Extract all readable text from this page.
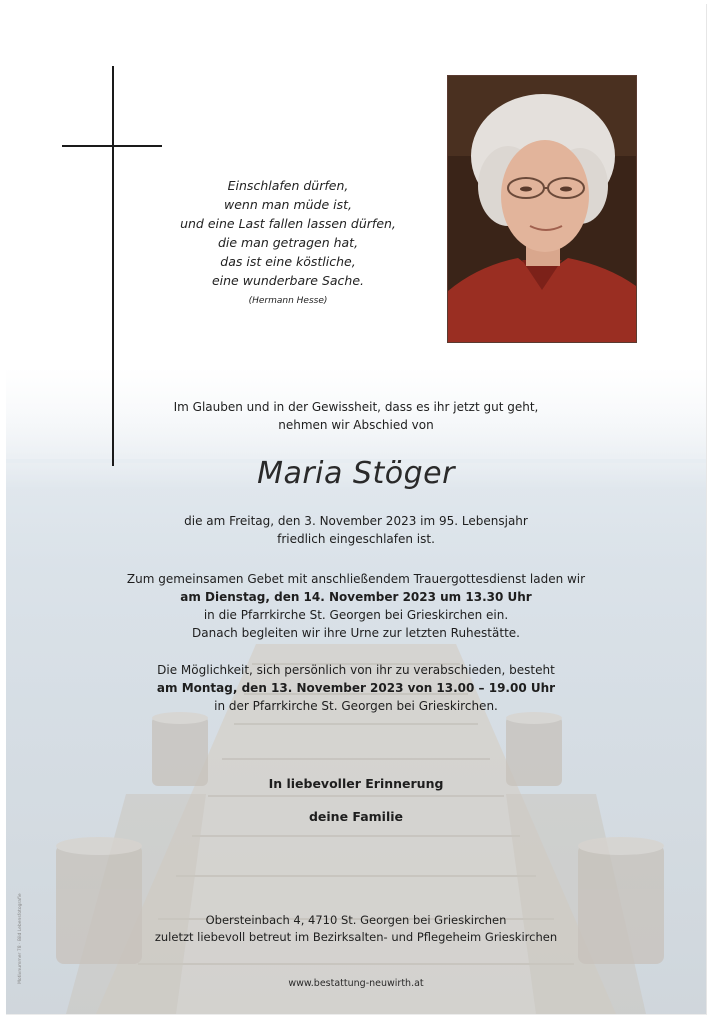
Einschlafen dürfen,
wenn man müde ist,
und eine Last fallen lassen dürfen,
die man getragen hat,
das ist eine köstliche,
eine wunderbare Sache.
(Hermann Hesse)
Im Glauben und in der Gewissheit, dass es ihr jetzt gut geht,
nehmen wir Abschied von
Maria Stöger
die am Freitag, den 3. November 2023 im 95. Lebensjahr
friedlich eingeschlafen ist.
Zum gemeinsamen Gebet mit anschließendem Trauergottesdienst laden wir
am Dienstag, den 14. November 2023 um 13.30 Uhr
in die Pfarrkirche St. Georgen bei Grieskirchen ein.
Danach begleiten wir ihre Urne zur letzten Ruhestätte.
Die Möglichkeit, sich persönlich von ihr zu verabschieden, besteht
am Montag, den 13. November 2023 von 13.00 – 19.00 Uhr
in der Pfarrkirche St. Georgen bei Grieskirchen.
In liebevoller Erinnerung
deine Familie
Obersteinbach 4, 4710 St. Georgen bei Grieskirchen
zuletzt liebevoll betreut im Bezirksalten- und Pflegeheim Grieskirchen
www.bestattung-neuwirth.at
Motivnummer 78 · Bild Lebensfotografie
